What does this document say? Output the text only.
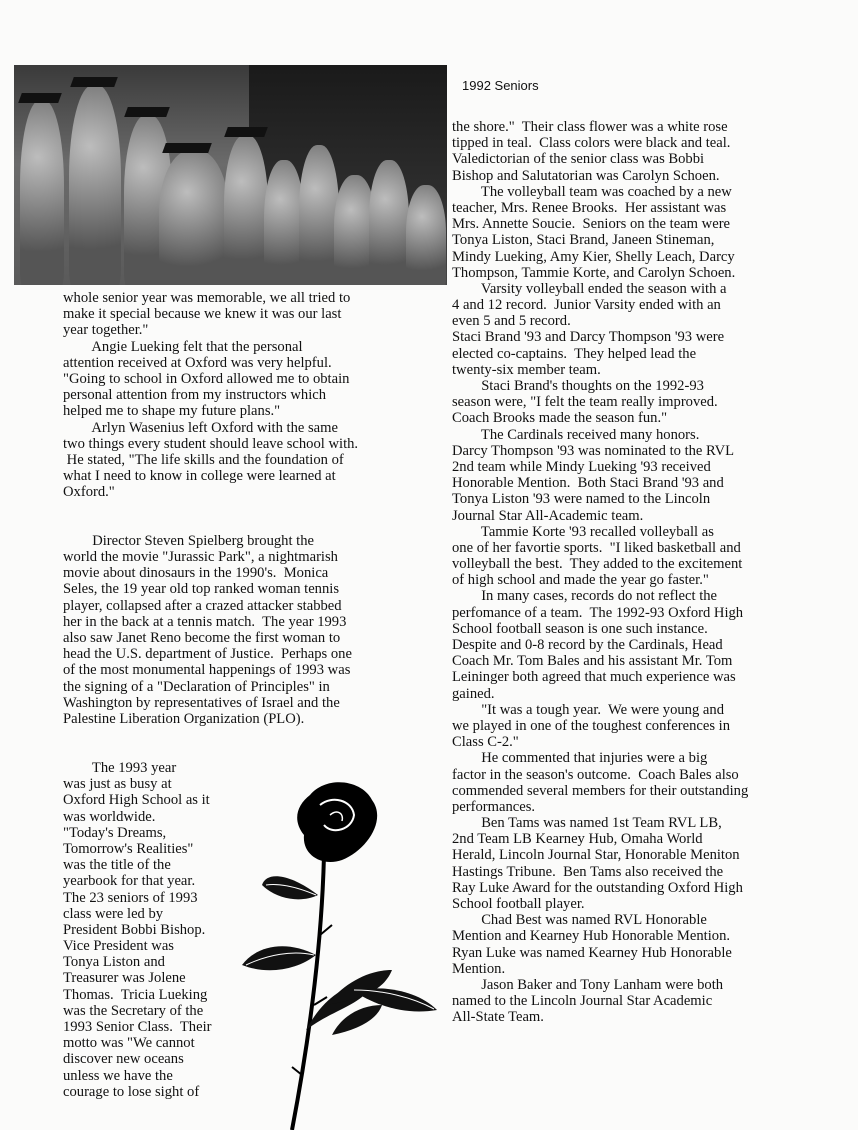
1992 Seniors
whole senior year was memorable, we all tried to
make it special because we knew it was our last
year together."
Angie Lueking felt that the personal
attention received at Oxford was very helpful.
"Going to school in Oxford allowed me to obtain
personal attention from my instructors which
helped me to shape my future plans."
Arlyn Wasenius left Oxford with the same
two things every student should leave school with.
He stated, "The life skills and the foundation of
what I need to know in college were learned at
Oxford."
Director Steven Spielberg brought the
world the movie "Jurassic Park", a nightmarish
movie about dinosaurs in the 1990's.  Monica
Seles, the 19 year old top ranked woman tennis
player, collapsed after a crazed attacker stabbed
her in the back at a tennis match.  The year 1993
also saw Janet Reno become the first woman to
head the U.S. department of Justice.  Perhaps one
of the most monumental happenings of 1993 was
the signing of a "Declaration of Principles" in
Washington by representatives of Israel and the
Palestine Liberation Organization (PLO).
The 1993 year
was just as busy at
Oxford High School as it
was worldwide.
"Today's Dreams,
Tomorrow's Realities"
was the title of the
yearbook for that year.
The 23 seniors of 1993
class were led by
President Bobbi Bishop.
Vice President was
Tonya Liston and
Treasurer was Jolene
Thomas.  Tricia Lueking
was the Secretary of the
1993 Senior Class.  Their
motto was "We cannot
discover new oceans
unless we have the
courage to lose sight of
the shore."  Their class flower was a white rose
tipped in teal.  Class colors were black and teal.
Valedictorian of the senior class was Bobbi
Bishop and Salutatorian was Carolyn Schoen.
The volleyball team was coached by a new
teacher, Mrs. Renee Brooks.  Her assistant was
Mrs. Annette Soucie.  Seniors on the team were
Tonya Liston, Staci Brand, Janeen Stineman,
Mindy Lueking, Amy Kier, Shelly Leach, Darcy
Thompson, Tammie Korte, and Carolyn Schoen.
Varsity volleyball ended the season with a
4 and 12 record.  Junior Varsity ended with an
even 5 and 5 record.
Staci Brand '93 and Darcy Thompson '93 were
elected co-captains.  They helped lead the
twenty-six member team.
Staci Brand's thoughts on the 1992-93
season were, "I felt the team really improved.
Coach Brooks made the season fun."
The Cardinals received many honors.
Darcy Thompson '93 was nominated to the RVL
2nd team while Mindy Lueking '93 received
Honorable Mention.  Both Staci Brand '93 and
Tonya Liston '93 were named to the Lincoln
Journal Star All-Academic team.
Tammie Korte '93 recalled volleyball as
one of her favortie sports.  "I liked basketball and
volleyball the best.  They added to the excitement
of high school and made the year go faster."
In many cases, records do not reflect the
perfomance of a team.  The 1992-93 Oxford High
School football season is one such instance.
Despite and 0-8 record by the Cardinals, Head
Coach Mr. Tom Bales and his assistant Mr. Tom
Leininger both agreed that much experience was
gained.
"It was a tough year.  We were young and
we played in one of the toughest conferences in
Class C-2."
He commented that injuries were a big
factor in the season's outcome.  Coach Bales also
commended several members for their outstanding
performances.
Ben Tams was named 1st Team RVL LB,
2nd Team LB Kearney Hub, Omaha World
Herald, Lincoln Journal Star, Honorable Meniton
Hastings Tribune.  Ben Tams also received the
Ray Luke Award for the outstanding Oxford High
School football player.
Chad Best was named RVL Honorable
Mention and Kearney Hub Honorable Mention.
Ryan Luke was named Kearney Hub Honorable
Mention.
Jason Baker and Tony Lanham were both
named to the Lincoln Journal Star Academic
All-State Team.
